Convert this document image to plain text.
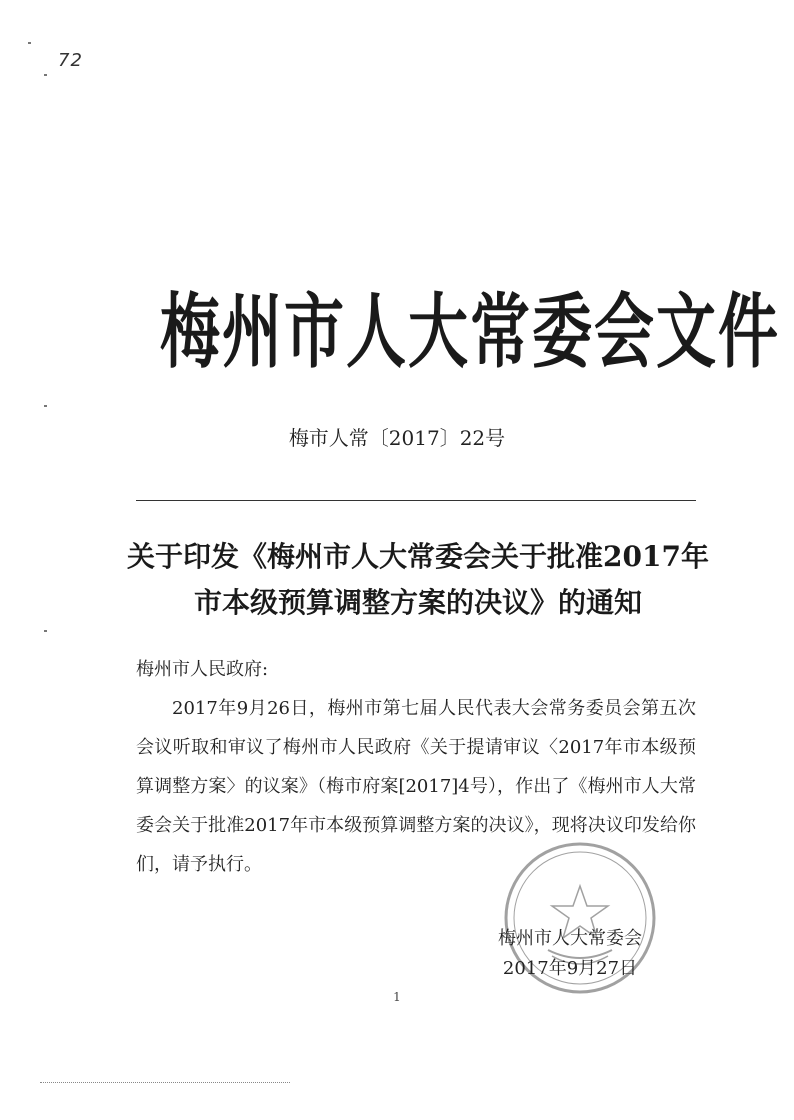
72
梅州市人大常委会文件
梅市人常〔2017〕22号
关于印发《梅州市人大常委会关于批准2017年
市本级预算调整方案的决议》的通知

梅州市人民政府:

2017年9月26日，梅州市第七届人民代表大会常务委员会第五次会议听取和审议了梅州市人民政府《关于提请审议〈2017年市本级预算调整方案〉的议案》（梅市府案[2017]4号），作出了《梅州市人大常委会关于批准2017年市本级预算调整方案的决议》，现将决议印发给你们，请予执行。

梅州市人大常委会
2017年9月27日
1
